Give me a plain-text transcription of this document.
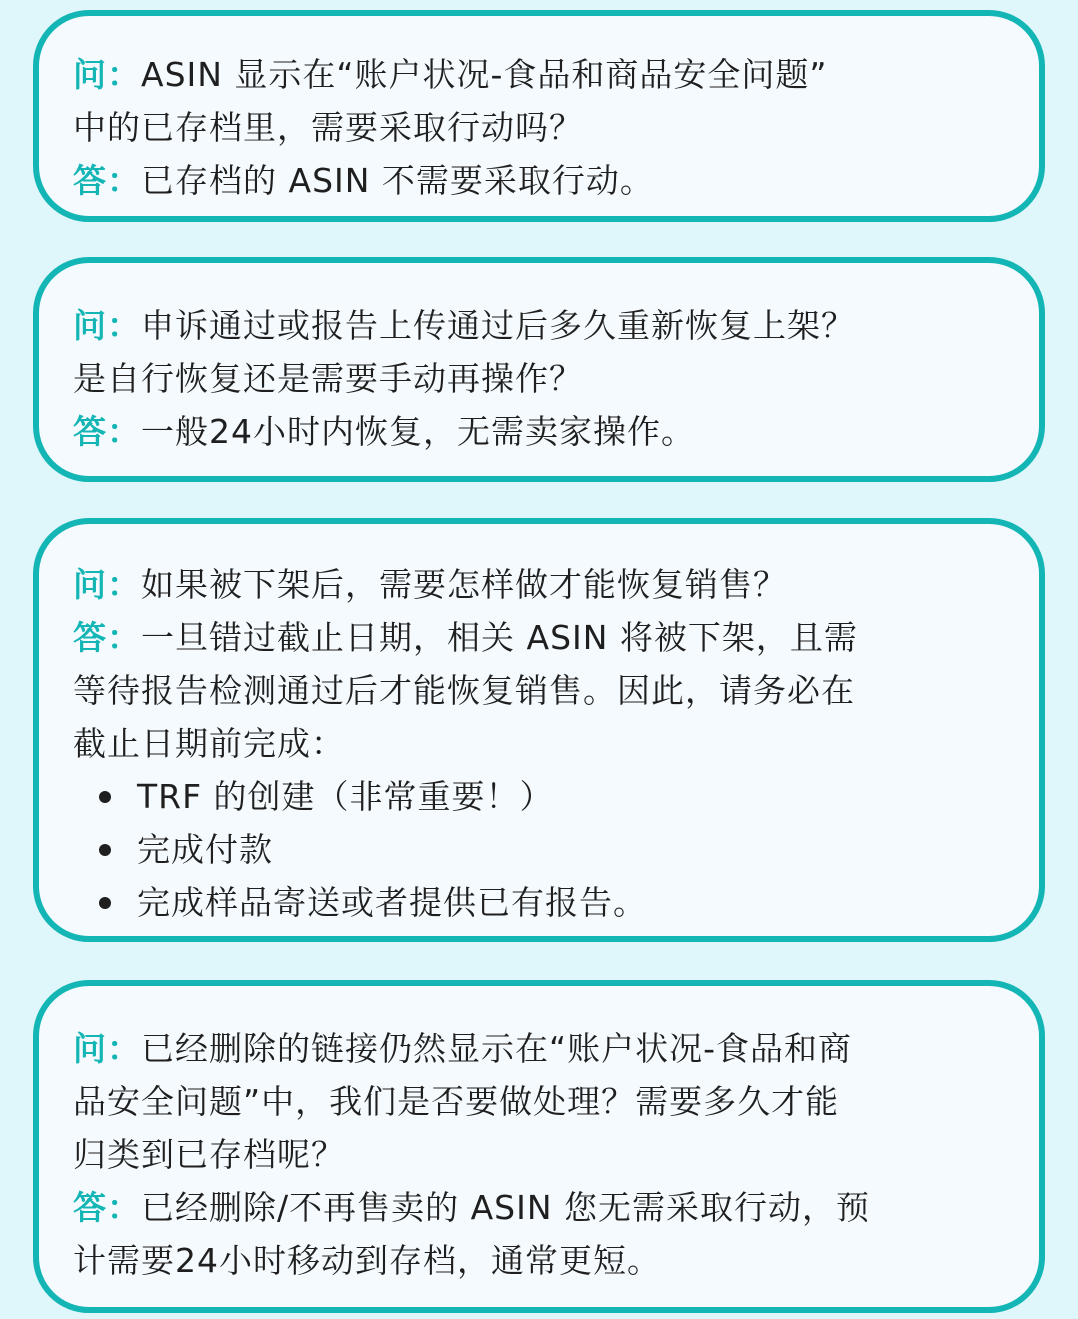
问：ASIN 显示在“账户状况-食品和商品安全问题”
中的已存档里，需要采取行动吗？
答：已存档的 ASIN 不需要采取行动。
问：申诉通过或报告上传通过后多久重新恢复上架？
是自行恢复还是需要手动再操作？
答：一般24小时内恢复，无需卖家操作。
问：如果被下架后，需要怎样做才能恢复销售？
答：一旦错过截止日期，相关 ASIN 将被下架，且需
等待报告检测通过后才能恢复销售。因此，请务必在
截止日期前完成：
TRF 的创建（非常重要！）
完成付款
完成样品寄送或者提供已有报告。
问：已经删除的链接仍然显示在“账户状况-食品和商
品安全问题”中，我们是否要做处理？需要多久才能
归类到已存档呢？
答：已经删除/不再售卖的 ASIN 您无需采取行动，预
计需要24小时移动到存档，通常更短。
